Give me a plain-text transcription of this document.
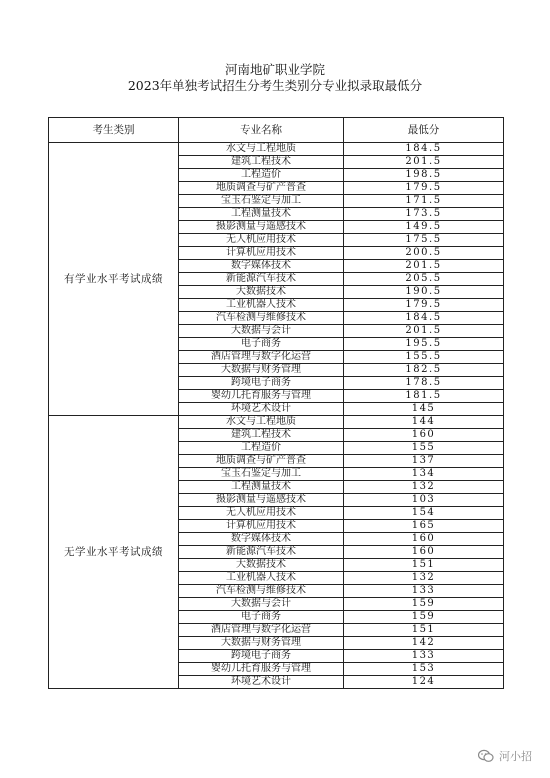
河南地矿职业学院
2023年单独考试招生分考生类别分专业拟录取最低分
考生类别	专业名称	最低分
有学业水平考试成绩	水文与工程地质	184.5
	建筑工程技术	201.5
	工程造价	198.5
	地质调查与矿产普查	179.5
	宝玉石鉴定与加工	171.5
	工程测量技术	173.5
	摄影测量与遥感技术	149.5
	无人机应用技术	175.5
	计算机应用技术	200.5
	数字媒体技术	201.5
	新能源汽车技术	205.5
	大数据技术	190.5
	工业机器人技术	179.5
	汽车检测与维修技术	184.5
	大数据与会计	201.5
	电子商务	195.5
	酒店管理与数字化运营	155.5
	大数据与财务管理	182.5
	跨境电子商务	178.5
	婴幼儿托育服务与管理	181.5
	环境艺术设计	145
无学业水平考试成绩	水文与工程地质	144
	建筑工程技术	160
	工程造价	155
	地质调查与矿产普查	137
	宝玉石鉴定与加工	134
	工程测量技术	132
	摄影测量与遥感技术	103
	无人机应用技术	154
	计算机应用技术	165
	数字媒体技术	160
	新能源汽车技术	160
	大数据技术	151
	工业机器人技术	132
	汽车检测与维修技术	133
	大数据与会计	159
	电子商务	159
	酒店管理与数字化运营	151
	大数据与财务管理	142
	跨境电子商务	133
	婴幼儿托育服务与管理	153
	环境艺术设计	124
河小招
